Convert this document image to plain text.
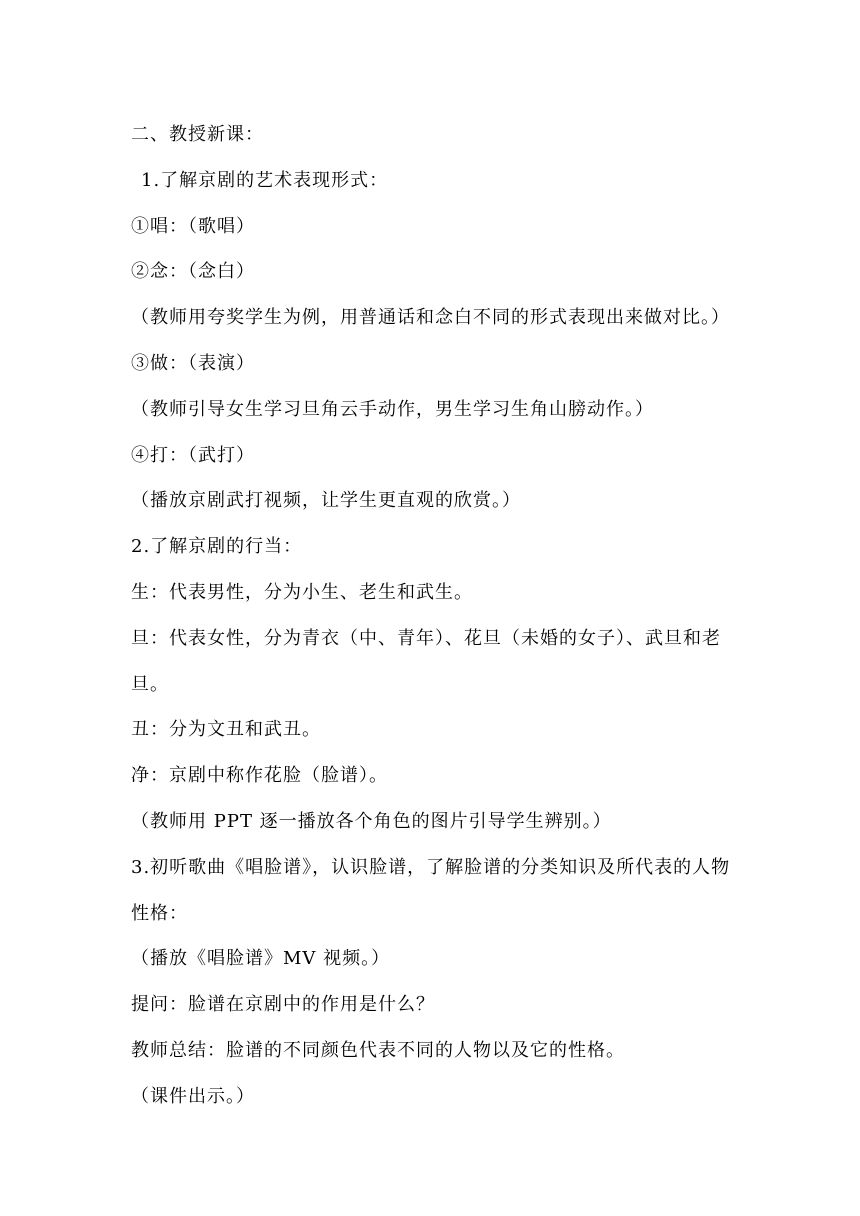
二、教授新课：

1.了解京剧的艺术表现形式：

①唱：（歌唱）

②念：（念白）

（教师用夸奖学生为例，用普通话和念白不同的形式表现出来做对比。）

③做：（表演）

（教师引导女生学习旦角云手动作，男生学习生角山膀动作。）

④打：（武打）

（播放京剧武打视频，让学生更直观的欣赏。）

2.了解京剧的行当：

生：代表男性，分为小生、老生和武生。

旦：代表女性，分为青衣（中、青年）、花旦（未婚的女子）、武旦和老

旦。

丑：分为文丑和武丑。

净：京剧中称作花脸（脸谱）。

（教师用 PPT 逐一播放各个角色的图片引导学生辨别。）

3.初听歌曲《唱脸谱》，认识脸谱，了解脸谱的分类知识及所代表的人物

性格：

（播放《唱脸谱》MV 视频。）

提问：脸谱在京剧中的作用是什么？

教师总结：脸谱的不同颜色代表不同的人物以及它的性格。

（课件出示。）
